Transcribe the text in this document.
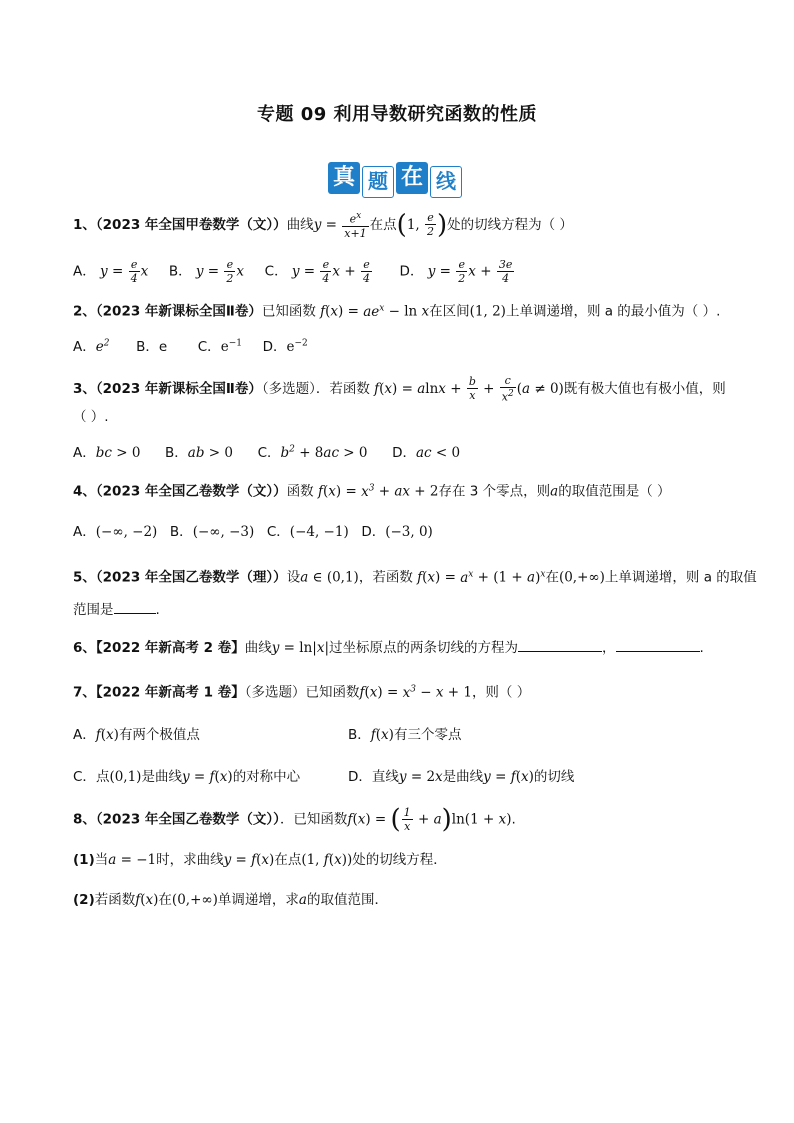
专题 09 利用导数研究函数的性质
真 题 在 线
1、（2023 年全国甲卷数学（文））曲线$y = \frac{e^x}{x+1}$ 在点(1, $\frac{e}{2}$ )处的切线方程为（ ）
A． $y = \frac{e}{4}$ x B． $y = \frac{e}{2}$ x C． $y = \frac{e}{4}$ $x + \frac{e}{4}$ D． $y = \frac{e}{2}$ $x + \frac{3e}{4}$
2、（2023 年新课标全国Ⅱ卷）已知函数 $f(x) = ae^x - \ln x$在区间(1, 2)上单调递增，则 a 的最小值为（ ）.
A．$e^2$ B．e C．$e^{-1}$ D．$e^{-2}$
3、（2023 年新课标全国Ⅱ卷）（多选题）．若函数 $f(x) = alnx + \frac{b}{x} + \frac{c}{x^2} (a \ne 0)$既有极大值也有极小值，则
（ ）.
A．bc > 0 B．ab > 0 C．$b^2 + 8ac > 0$ D．ac < 0
4、（2023 年全国乙卷数学（文））函数 $f(x) = x^3$ + ax + 2存在 3 个零点，则a的取值范围是（ ）
A．(−∞, −2) B．(−∞, −3) C．(−4, −1) D．(−3, 0)
5、（2023 年全国乙卷数学（理））设a ∈ (0,1)，若函数 $f(x) = a^x + (1 + a)^x$在(0,+∞)上单调递增，则 a 的取值
范围是	.
6、【2022 年新高考 2 卷】曲线y = ln|x|过坐标原点的两条切线的方程为	，	.
7、【2022 年新高考 1 卷】（多选题）已知函数$f(x) = x^3 - x + 1$，则（ ）
A．f(x)有两个极值点	B．f(x)有三个零点
C．点(0,1)是曲线y = f(x)的对称中心	D．直线y = 2x是曲线y = f(x)的切线
8、（2023 年全国乙卷数学（文））．已知函数f(x) = ( $\frac{1}{x} + a)\ln(1 + x)$.
(1)当a = −1时，求曲线y = f(x)在点(1, f(x))处的切线方程．
(2)若函数f(x)在(0,+∞)单调递增，求a的取值范围．
